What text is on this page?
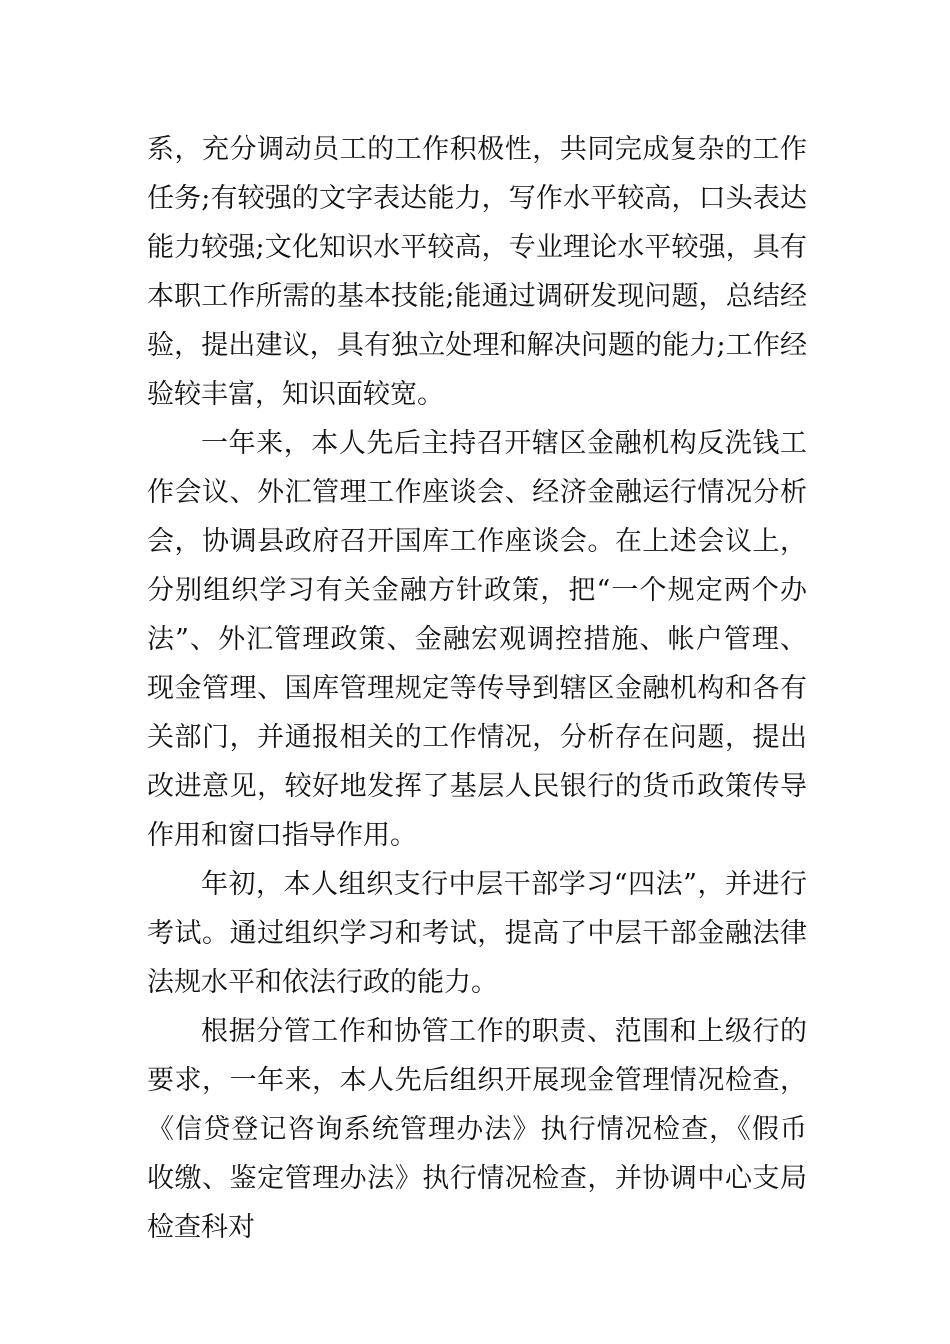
系，充分调动员工的工作积极性，共同完成复杂的工作任务;有较强的文字表达能力，写作水平较高，口头表达能力较强;文化知识水平较高，专业理论水平较强，具有本职工作所需的基本技能;能通过调研发现问题，总结经验，提出建议，具有独立处理和解决问题的能力;工作经验较丰富，知识面较宽。

一年来，本人先后主持召开辖区金融机构反洗钱工作会议、外汇管理工作座谈会、经济金融运行情况分析会，协调县政府召开国库工作座谈会。在上述会议上，分别组织学习有关金融方针政策，把“一个规定两个办法”、外汇管理政策、金融宏观调控措施、帐户管理、现金管理、国库管理规定等传导到辖区金融机构和各有关部门，并通报相关的工作情况，分析存在问题，提出改进意见，较好地发挥了基层人民银行的货币政策传导作用和窗口指导作用。

年初，本人组织支行中层干部学习“四法”，并进行考试。通过组织学习和考试，提高了中层干部金融法律法规水平和依法行政的能力。

根据分管工作和协管工作的职责、范围和上级行的要求，一年来，本人先后组织开展现金管理情况检查，《信贷登记咨询系统管理办法》执行情况检查，《假币收缴、鉴定管理办法》执行情况检查，并协调中心支局检查科对
